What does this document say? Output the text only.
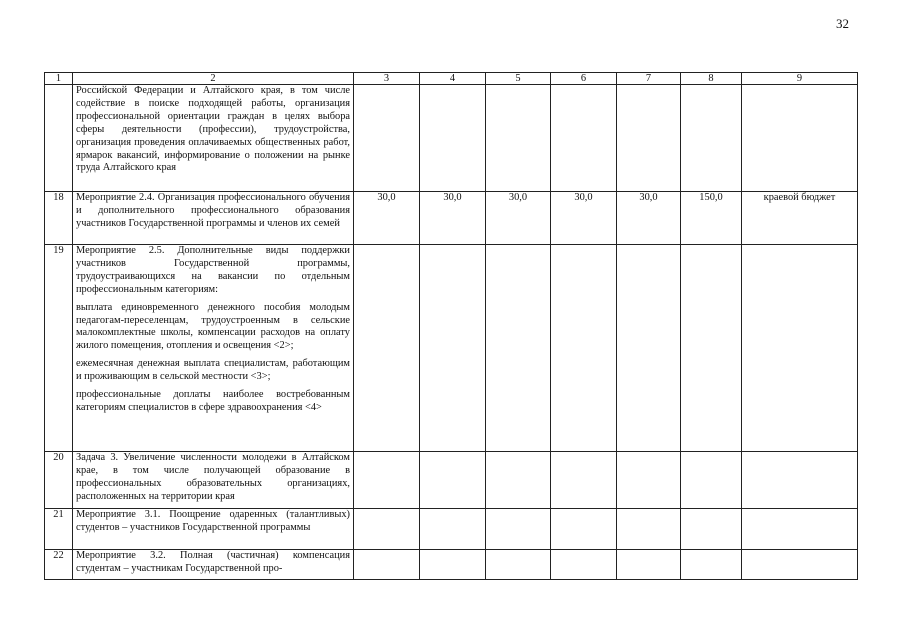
32
1	2	3	4	5	6	7	8	9

	Российской Федерации и Алтайского края, в том числе содействие в поиске подходящей работы, организация профессиональной ориентации граждан в целях выбора сферы деятельности (профессии), трудоустройства, организация проведения оплачиваемых общественных работ, ярмарок вакансий, информирование о положении на рынке труда Алтайского края							

18	Мероприятие 2.4. Организация профессионального обучения и дополнительного профессионального образования участников Государственной программы и членов их семей	30,0	30,0	30,0	30,0	30,0	150,0	краевой бюджет
19	Мероприятие 2.5. Дополнительные виды поддержки участников Государственной программы, трудоустраивающихся на вакансии по отдельным профессиональным категориям:
выплата единовременного денежного пособия молодым педагогам-переселенцам, трудоустроенным в сельские малокомплектные школы, компенсации расходов на оплату жилого помещения, отопления и освещения <2>;
ежемесячная денежная выплата специалистам, работающим и проживающим в сельской местности <3>;
профессиональные доплаты наиболее востребованным категориям специалистов в сфере здравоохранения <4>							

20	Задача 3. Увеличение численности молодежи в Алтайском крае, в том числе получающей образование в профессиональных образовательных организациях, расположенных на территории края							

21	Мероприятие 3.1. Поощрение одаренных (талантливых) студентов – участников Государственной программы							

22	Мероприятие 3.2. Полная (частичная) компенсация студентам – участникам Государственной про-							
